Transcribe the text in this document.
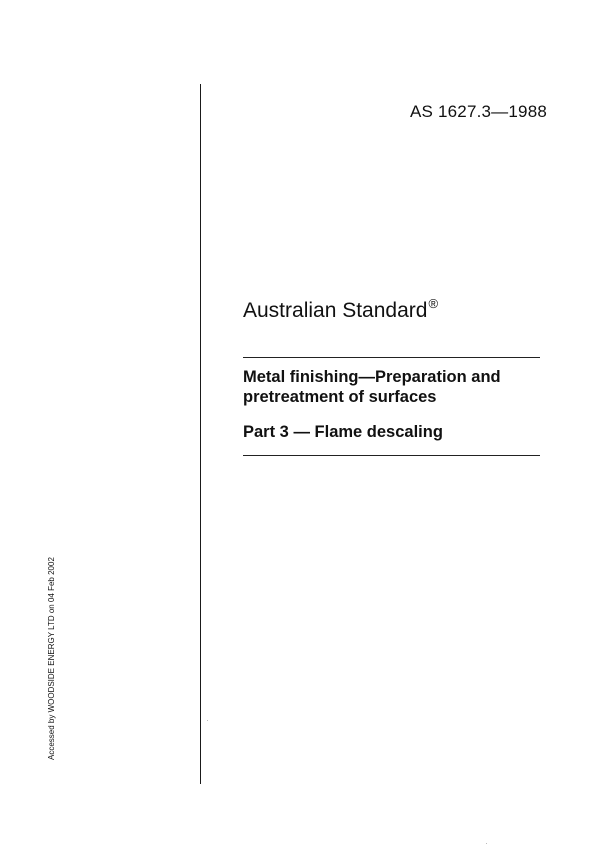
AS 1627.3—1988
Australian Standard®
Metal finishing—Preparation and pretreatment of surfaces
Part 3 — Flame descaling
Accessed by WOODSIDE ENERGY LTD on 04 Feb 2002
